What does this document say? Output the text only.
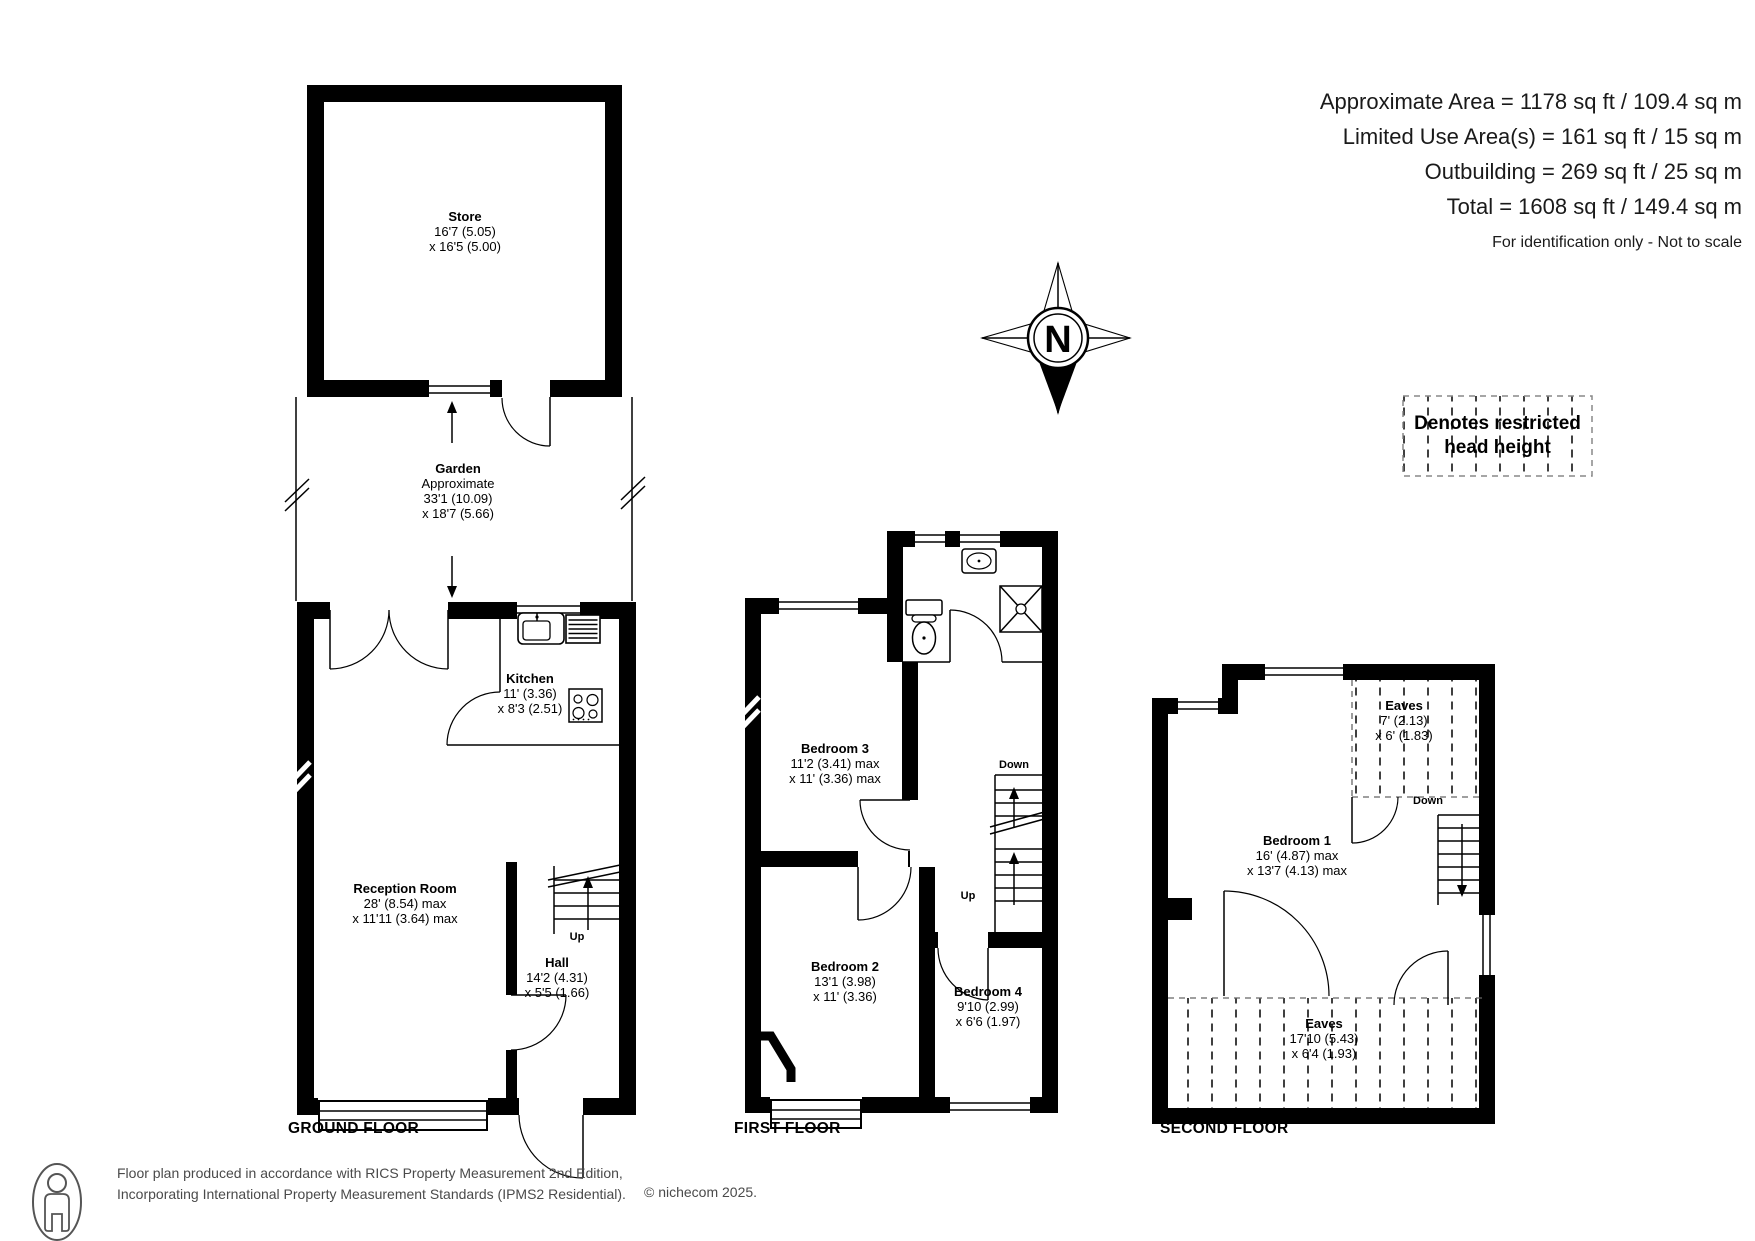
N
Approximate Area = 1178 sq ft / 109.4 sq m
Limited Use Area(s) = 161 sq ft / 15 sq m
Outbuilding = 269 sq ft / 25 sq m
Total = 1608 sq ft / 149.4 sq m
For identification only - Not to scale
Denotes restricted head height
Store
16'7 (5.05)
x 16'5 (5.00)
Garden
Approximate
33'1 (10.09)
x 18'7 (5.66)
Kitchen
11' (3.36)
x 8'3 (2.51)
Reception Room
28' (8.54) max
x 11'11 (3.64) max
Hall
14'2 (4.31)
x 5'5 (1.66)
Up
Bedroom 3
11'2 (3.41) max
x 11' (3.36) max
Bedroom 2
13'1 (3.98)
x 11' (3.36)	Bedroom 4
9'10 (2.99)
x 6'6 (1.97)
Down
Up
Bedroom 1
16' (4.87) max
x 13'7 (4.13) max
Eaves
7' (2.13)
x 6' (1.83)
Eaves
17'10 (5.43)
x 6'4 (1.93)
Down
GROUND FLOOR	FIRST FLOOR	SECOND FLOOR
Floor plan produced in accordance with RICS Property Measurement 2nd Edition,
Incorporating International Property Measurement Standards (IPMS2 Residential). © nichecom 2025.
